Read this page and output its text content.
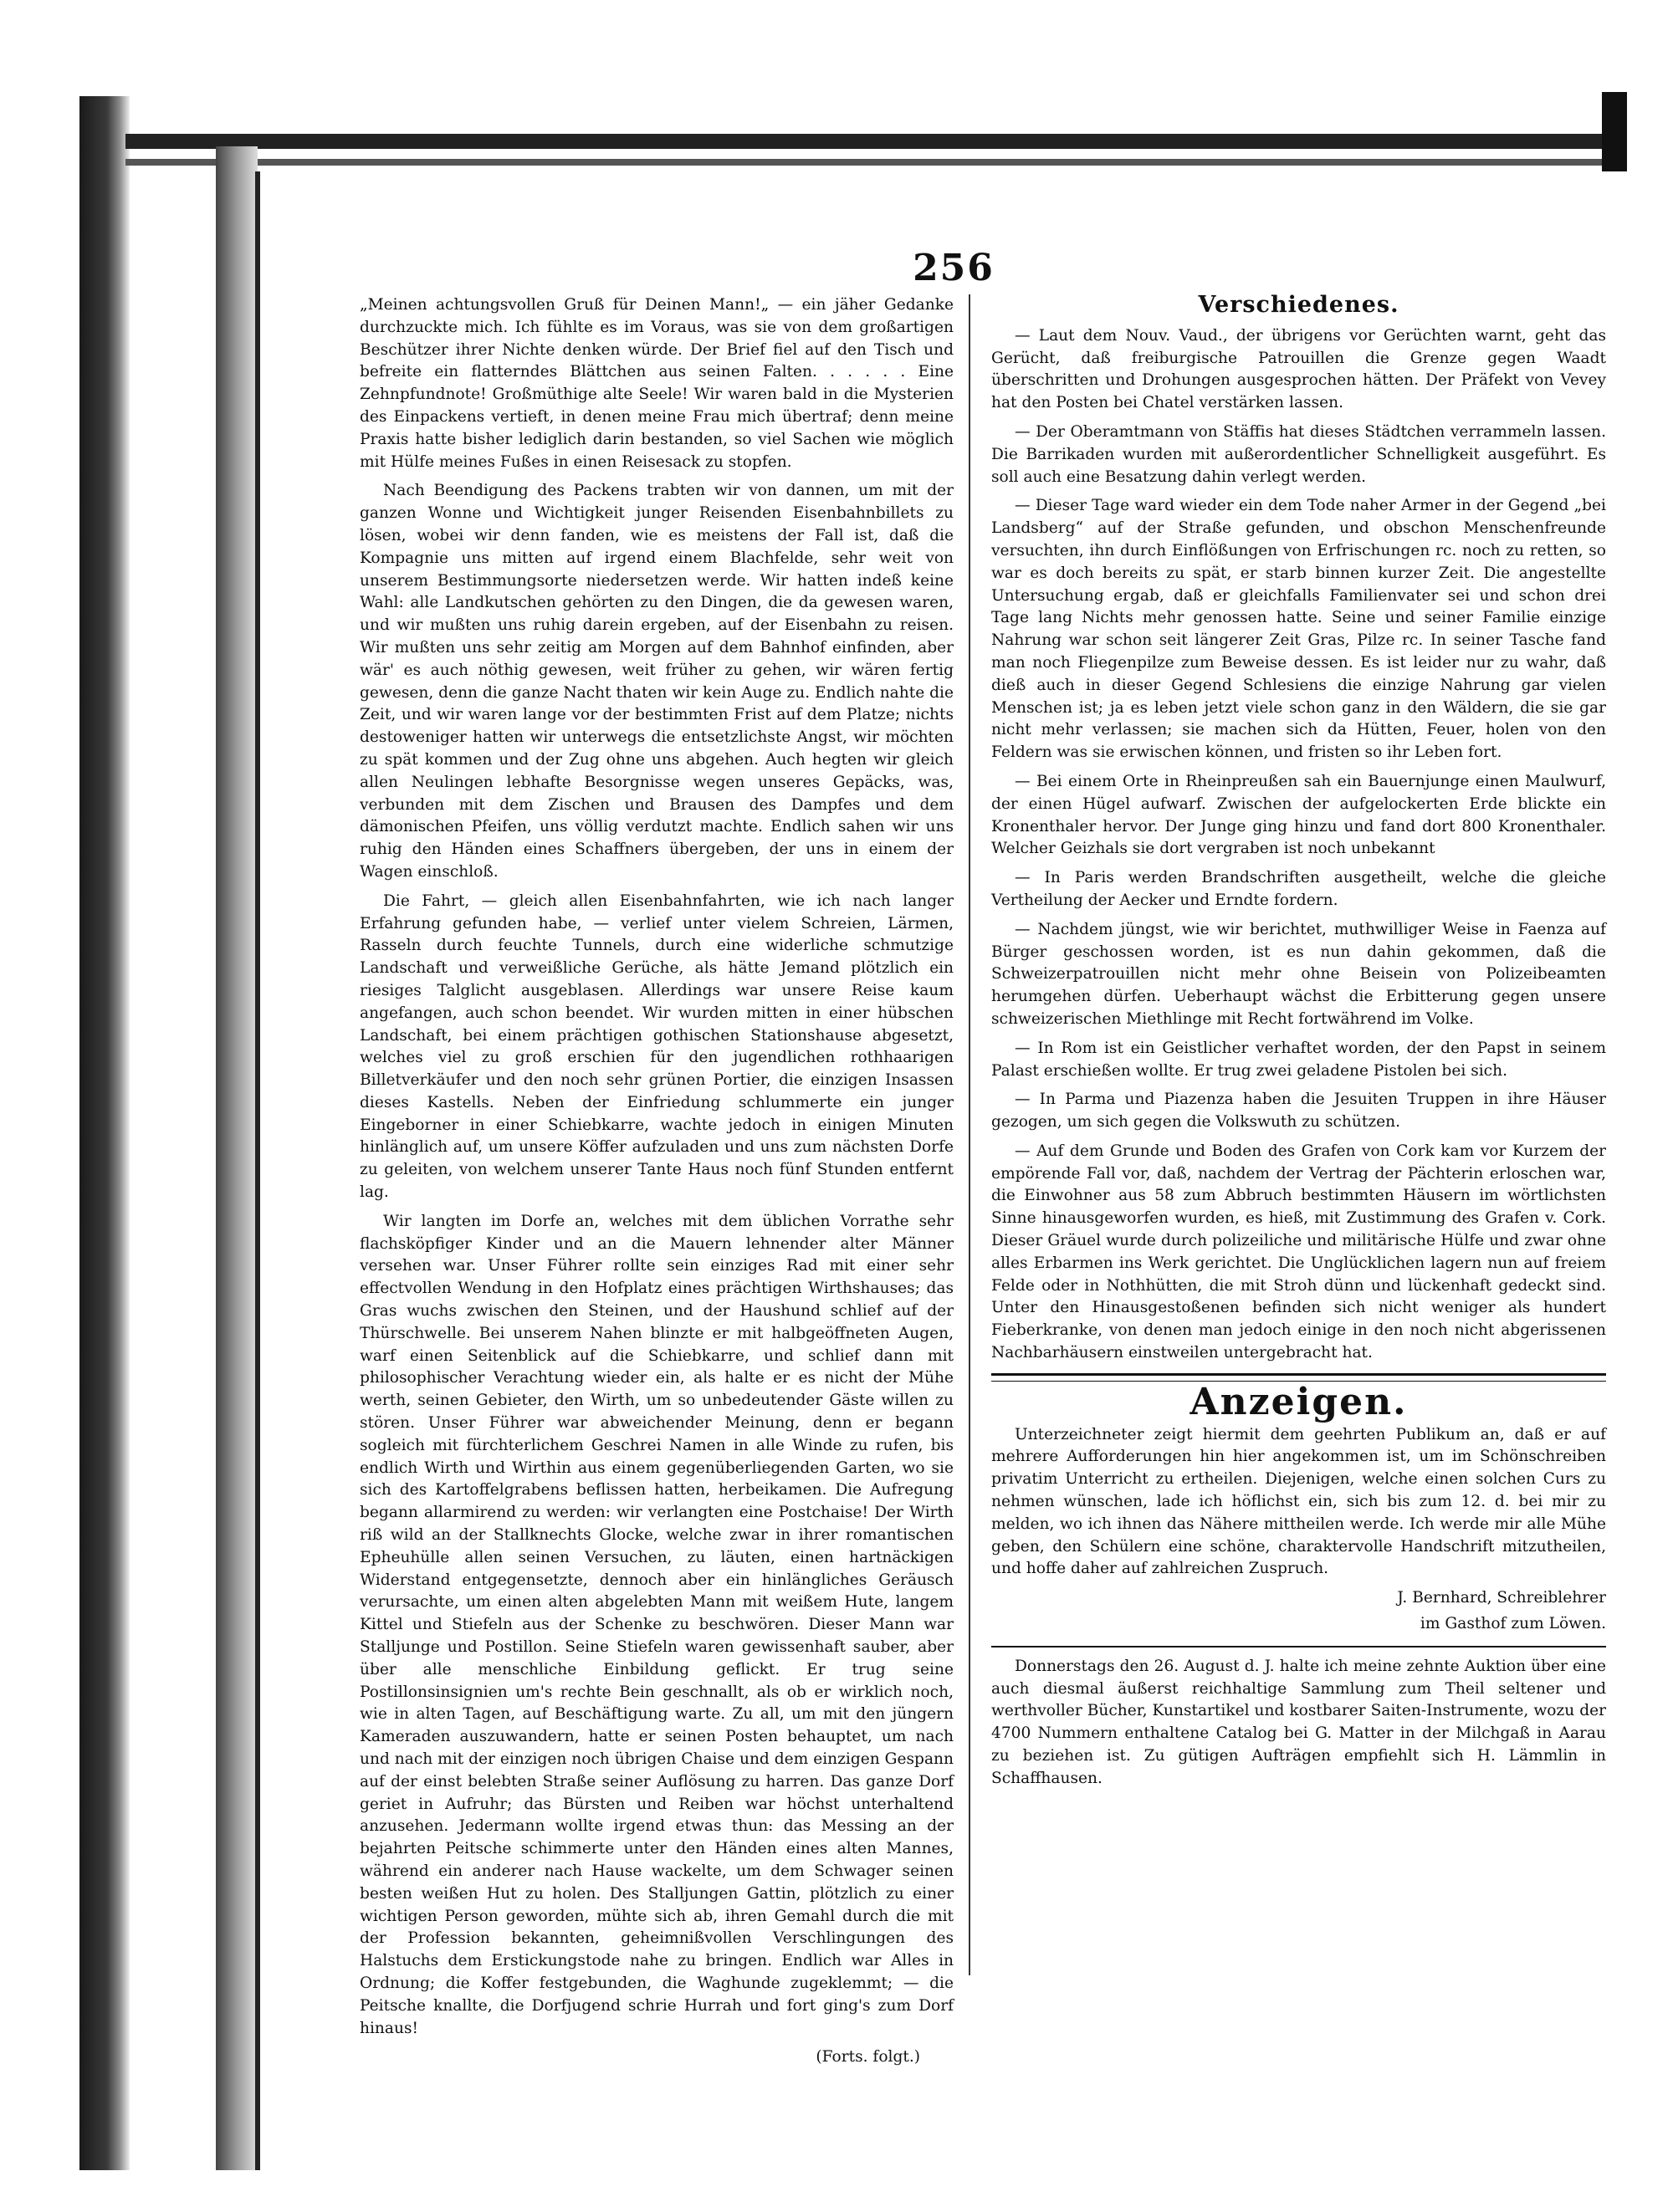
256

„Meinen achtungsvollen Gruß für Deinen Mann!„ — ein jäher Gedanke durchzuckte mich. Ich fühlte es im Voraus, was sie von dem großartigen Beschützer ihrer Nichte denken würde. Der Brief fiel auf den Tisch und befreite ein flatterndes Blättchen aus seinen Falten. . . . . . Eine Zehnpfundnote! Großmüthige alte Seele! Wir waren bald in die Mysterien des Einpackens vertieft, in denen meine Frau mich übertraf; denn meine Praxis hatte bisher lediglich darin bestanden, so viel Sachen wie möglich mit Hülfe meines Fußes in einen Reisesack zu stopfen.

Nach Beendigung des Packens trabten wir von dannen, um mit der ganzen Wonne und Wichtigkeit junger Reisenden Eisenbahnbillets zu lösen, wobei wir denn fanden, wie es meistens der Fall ist, daß die Kompagnie uns mitten auf irgend einem Blachfelde, sehr weit von unserem Bestimmungsorte niedersetzen werde. Wir hatten indeß keine Wahl: alle Landkutschen gehörten zu den Dingen, die da gewesen waren, und wir mußten uns ruhig darein ergeben, auf der Eisenbahn zu reisen. Wir mußten uns sehr zeitig am Morgen auf dem Bahnhof einfinden, aber wär' es auch nöthig gewesen, weit früher zu gehen, wir wären fertig gewesen, denn die ganze Nacht thaten wir kein Auge zu. Endlich nahte die Zeit, und wir waren lange vor der bestimmten Frist auf dem Platze; nichts destoweniger hatten wir unterwegs die entsetzlichste Angst, wir möchten zu spät kommen und der Zug ohne uns abgehen. Auch hegten wir gleich allen Neulingen lebhafte Besorgnisse wegen unseres Gepäcks, was, verbunden mit dem Zischen und Brausen des Dampfes und dem dämonischen Pfeifen, uns völlig verdutzt machte. Endlich sahen wir uns ruhig den Händen eines Schaffners übergeben, der uns in einem der Wagen einschloß.

Die Fahrt, — gleich allen Eisenbahnfahrten, wie ich nach langer Erfahrung gefunden habe, — verlief unter vielem Schreien, Lärmen, Rasseln durch feuchte Tunnels, durch eine widerliche schmutzige Landschaft und verweißliche Gerüche, als hätte Jemand plötzlich ein riesiges Talglicht ausgeblasen. Allerdings war unsere Reise kaum angefangen, auch schon beendet. Wir wurden mitten in einer hübschen Landschaft, bei einem prächtigen gothischen Stationshause abgesetzt, welches viel zu groß erschien für den jugendlichen rothhaarigen Billetverkäufer und den noch sehr grünen Portier, die einzigen Insassen dieses Kastells. Neben der Einfriedung schlummerte ein junger Eingeborner in einer Schiebkarre, wachte jedoch in einigen Minuten hinlänglich auf, um unsere Köffer aufzuladen und uns zum nächsten Dorfe zu geleiten, von welchem unserer Tante Haus noch fünf Stunden entfernt lag.

Wir langten im Dorfe an, welches mit dem üblichen Vorrathe sehr flachsköpfiger Kinder und an die Mauern lehnender alter Männer versehen war. Unser Führer rollte sein einziges Rad mit einer sehr effectvollen Wendung in den Hofplatz eines prächtigen Wirthshauses; das Gras wuchs zwischen den Steinen, und der Haushund schlief auf der Thürschwelle. Bei unserem Nahen blinzte er mit halbgeöffneten Augen, warf einen Seitenblick auf die Schiebkarre, und schlief dann mit philosophischer Verachtung wieder ein, als halte er es nicht der Mühe werth, seinen Gebieter, den Wirth, um so unbedeutender Gäste willen zu stören. Unser Führer war abweichender Meinung, denn er begann sogleich mit fürchterlichem Geschrei Namen in alle Winde zu rufen, bis endlich Wirth und Wirthin aus einem gegenüberliegenden Garten, wo sie sich des Kartoffelgrabens beflissen hatten, herbeikamen. Die Aufregung begann allarmirend zu werden: wir verlangten eine Postchaise! Der Wirth riß wild an der Stallknechts Glocke, welche zwar in ihrer romantischen Epheuhülle allen seinen Versuchen, zu läuten, einen hartnäckigen Widerstand entgegensetzte, dennoch aber ein hinlängliches Geräusch verursachte, um einen alten abgelebten Mann mit weißem Hute, langem Kittel und Stiefeln aus der Schenke zu beschwören. Dieser Mann war Stalljunge und Postillon. Seine Stiefeln waren gewissenhaft sauber, aber über alle menschliche Einbildung geflickt. Er trug seine Postillonsinsignien um's rechte Bein geschnallt, als ob er wirklich noch, wie in alten Tagen, auf Beschäftigung warte. Zu all, um mit den jüngern Kameraden auszuwandern, hatte er seinen Posten behauptet, um nach und nach mit der einzigen noch übrigen Chaise und dem einzigen Gespann auf der einst belebten Straße seiner Auflösung zu harren. Das ganze Dorf geriet in Aufruhr; das Bürsten und Reiben war höchst unterhaltend anzusehen. Jedermann wollte irgend etwas thun: das Messing an der bejahrten Peitsche schimmerte unter den Händen eines alten Mannes, während ein anderer nach Hause wackelte, um dem Schwager seinen besten weißen Hut zu holen. Des Stalljungen Gattin, plötzlich zu einer wichtigen Person geworden, mühte sich ab, ihren Gemahl durch die mit der Profession bekannten, geheimnißvollen Verschlingungen des Halstuchs dem Erstickungstode nahe zu bringen. Endlich war Alles in Ordnung; die Koffer festgebunden, die Waghunde zugeklemmt; — die Peitsche knallte, die Dorfjugend schrie Hurrah und fort ging's zum Dorf hinaus!

(Forts. folgt.)
Verschiedenes.

— Laut dem Nouv. Vaud., der übrigens vor Gerüchten warnt, geht das Gerücht, daß freiburgische Patrouillen die Grenze gegen Waadt überschritten und Drohungen ausgesprochen hätten. Der Präfekt von Vevey hat den Posten bei Chatel verstärken lassen.

— Der Oberamtmann von Stäffis hat dieses Städtchen verrammeln lassen. Die Barrikaden wurden mit außerordentlicher Schnelligkeit ausgeführt. Es soll auch eine Besatzung dahin verlegt werden.

— Dieser Tage ward wieder ein dem Tode naher Armer in der Gegend „bei Landsberg“ auf der Straße gefunden, und obschon Menschenfreunde versuchten, ihn durch Einflößungen von Erfrischungen rc. noch zu retten, so war es doch bereits zu spät, er starb binnen kurzer Zeit. Die angestellte Untersuchung ergab, daß er gleichfalls Familienvater sei und schon drei Tage lang Nichts mehr genossen hatte. Seine und seiner Familie einzige Nahrung war schon seit längerer Zeit Gras, Pilze rc. In seiner Tasche fand man noch Fliegenpilze zum Beweise dessen. Es ist leider nur zu wahr, daß dieß auch in dieser Gegend Schlesiens die einzige Nahrung gar vielen Menschen ist; ja es leben jetzt viele schon ganz in den Wäldern, die sie gar nicht mehr verlassen; sie machen sich da Hütten, Feuer, holen von den Feldern was sie erwischen können, und fristen so ihr Leben fort.

— Bei einem Orte in Rheinpreußen sah ein Bauernjunge einen Maulwurf, der einen Hügel aufwarf. Zwischen der aufgelockerten Erde blickte ein Kronenthaler hervor. Der Junge ging hinzu und fand dort 800 Kronenthaler. Welcher Geizhals sie dort vergraben ist noch unbekannt

— In Paris werden Brandschriften ausgetheilt, welche die gleiche Vertheilung der Aecker und Erndte fordern.

— Nachdem jüngst, wie wir berichtet, muthwilliger Weise in Faenza auf Bürger geschossen worden, ist es nun dahin gekommen, daß die Schweizerpatrouillen nicht mehr ohne Beisein von Polizeibeamten herumgehen dürfen. Ueberhaupt wächst die Erbitterung gegen unsere schweizerischen Miethlinge mit Recht fortwährend im Volke.

— In Rom ist ein Geistlicher verhaftet worden, der den Papst in seinem Palast erschießen wollte. Er trug zwei geladene Pistolen bei sich.

— In Parma und Piazenza haben die Jesuiten Truppen in ihre Häuser gezogen, um sich gegen die Volkswuth zu schützen.

— Auf dem Grunde und Boden des Grafen von Cork kam vor Kurzem der empörende Fall vor, daß, nachdem der Vertrag der Pächterin erloschen war, die Einwohner aus 58 zum Abbruch bestimmten Häusern im wörtlichsten Sinne hinausgeworfen wurden, es hieß, mit Zustimmung des Grafen v. Cork. Dieser Gräuel wurde durch polizeiliche und militärische Hülfe und zwar ohne alles Erbarmen ins Werk gerichtet. Die Unglücklichen lagern nun auf freiem Felde oder in Nothhütten, die mit Stroh dünn und lückenhaft gedeckt sind. Unter den Hinausgestoßenen befinden sich nicht weniger als hundert Fieberkranke, von denen man jedoch einige in den noch nicht abgerissenen Nachbarhäusern einstweilen untergebracht hat.

Anzeigen.

Unterzeichneter zeigt hiermit dem geehrten Publikum an, daß er auf mehrere Aufforderungen hin hier angekommen ist, um im Schönschreiben privatim Unterricht zu ertheilen. Diejenigen, welche einen solchen Curs zu nehmen wünschen, lade ich höflichst ein, sich bis zum 12. d. bei mir zu melden, wo ich ihnen das Nähere mittheilen werde. Ich werde mir alle Mühe geben, den Schülern eine schöne, charaktervolle Handschrift mitzutheilen, und hoffe daher auf zahlreichen Zuspruch.

J. Bernhard, Schreiblehrer

im Gasthof zum Löwen.

Donnerstags den 26. August d. J. halte ich meine zehnte Auktion über eine auch diesmal äußerst reichhaltige Sammlung zum Theil seltener und werthvoller Bücher, Kunstartikel und kostbarer Saiten-Instrumente, wozu der 4700 Nummern enthaltene Catalog bei G. Matter in der Milchgaß in Aarau zu beziehen ist. Zu gütigen Aufträgen empfiehlt sich H. Lämmlin in Schaffhausen.
